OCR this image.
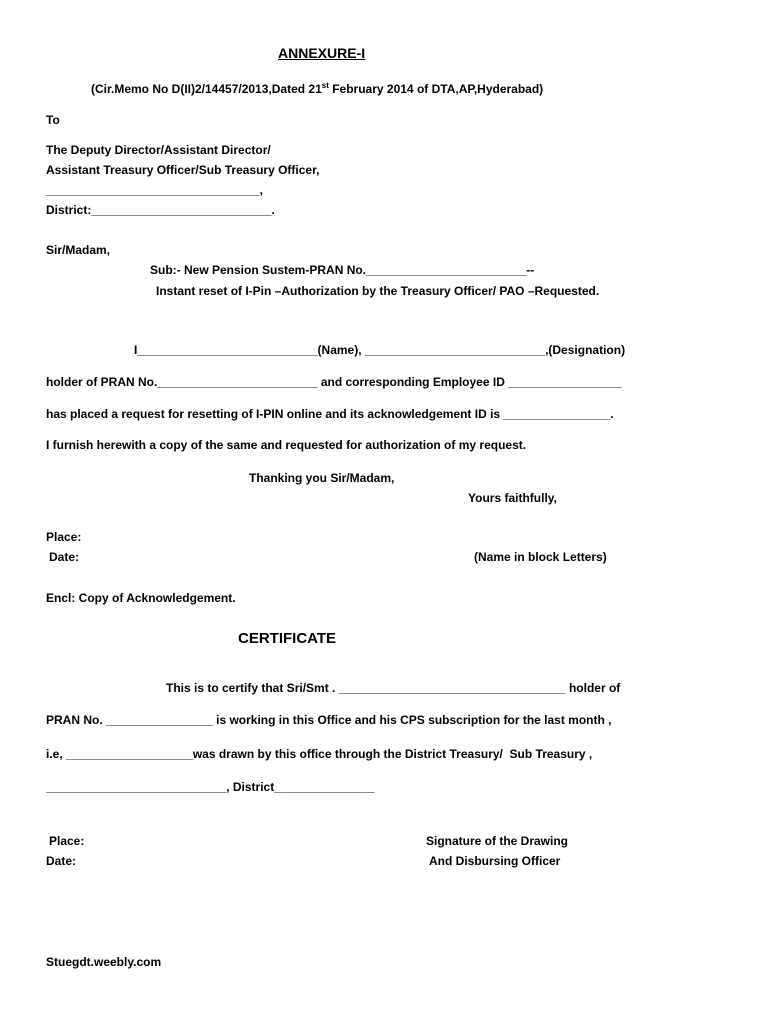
ANNEXURE-I
(Cir.Memo No D(II)2/14457/2013,Dated 21st February 2014 of DTA,AP,Hyderabad)
To
The Deputy Director/Assistant Director/
Assistant Treasury Officer/Sub Treasury Officer,
________________________________,
District:___________________________.
Sir/Madam,
Sub:- New Pension Sustem-PRAN No.________________________--
Instant reset of I-Pin –Authorization by the Treasury Officer/ PAO –Requested.
I___________________________(Name), ___________________________,(Designation)
holder of PRAN No.________________________ and corresponding Employee ID _________________
has placed a request for resetting of I-PIN online and its acknowledgement ID is ________________.
I furnish herewith a copy of the same and requested for authorization of my request.
Thanking you Sir/Madam,
Yours faithfully,
Place:
Date:	(Name in block Letters)
Encl: Copy of Acknowledgement.
CERTIFICATE
This is to certify that Sri/Smt . __________________________________ holder of
PRAN No. ________________ is working in this Office and his CPS subscription for the last month ,
i.e, ___________________was drawn by this office through the District Treasury/  Sub Treasury ,
___________________________, District_______________
Place:
Date:
Signature of the Drawing
And Disbursing Officer
Stuegdt.weebly.com
